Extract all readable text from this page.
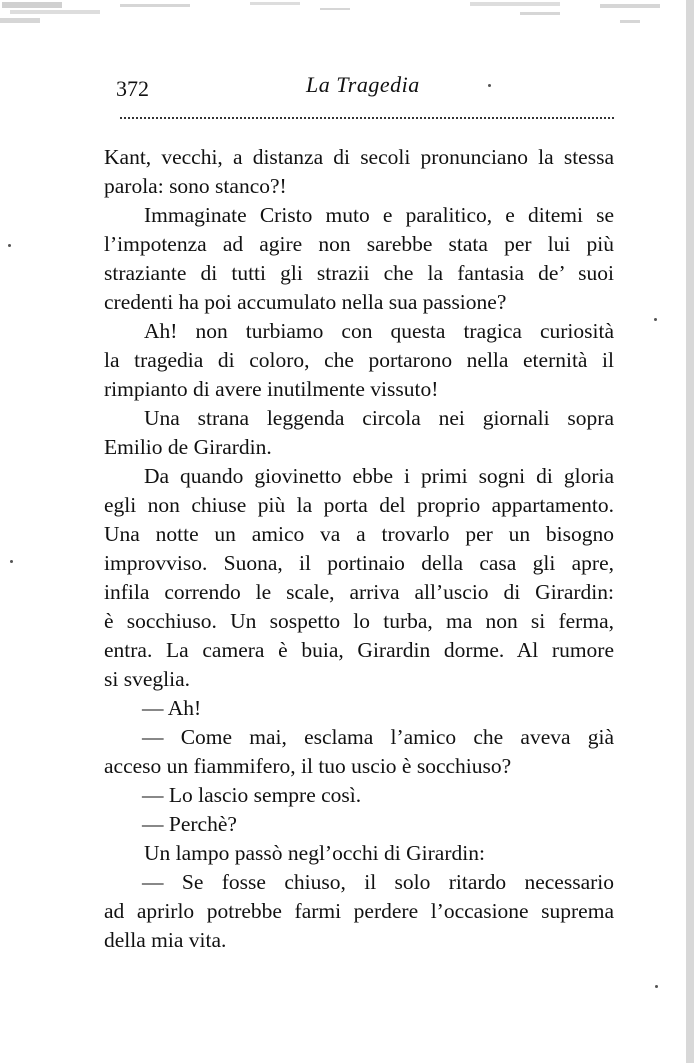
372	La Tragedia
Kant, vecchi, a distanza di secoli pronunciano la stessa
parola: sono stanco?!
Immaginate Cristo muto e paralitico, e ditemi se
l’impotenza ad agire non sarebbe stata per lui più
straziante di tutti gli strazii che la fantasia de’ suoi
credenti ha poi accumulato nella sua passione?
Ah! non turbiamo con questa tragica curiosità
la tragedia di coloro, che portarono nella eternità il
rimpianto di avere inutilmente vissuto!
Una strana leggenda circola nei giornali sopra
Emilio de Girardin.
Da quando giovinetto ebbe i primi sogni di gloria
egli non chiuse più la porta del proprio appartamento.
Una notte un amico va a trovarlo per un bisogno
improvviso. Suona, il portinaio della casa gli apre,
infila correndo le scale, arriva all’uscio di Girardin:
è socchiuso. Un sospetto lo turba, ma non si ferma,
entra. La camera è buia, Girardin dorme. Al rumore
si sveglia.
— Ah!
— Come mai, esclama l’amico che aveva già
acceso un fiammifero, il tuo uscio è socchiuso?
— Lo lascio sempre così.
— Perchè?
Un lampo passò negl’occhi di Girardin:
— Se fosse chiuso, il solo ritardo necessario
ad aprirlo potrebbe farmi perdere l’occasione suprema
della mia vita.
